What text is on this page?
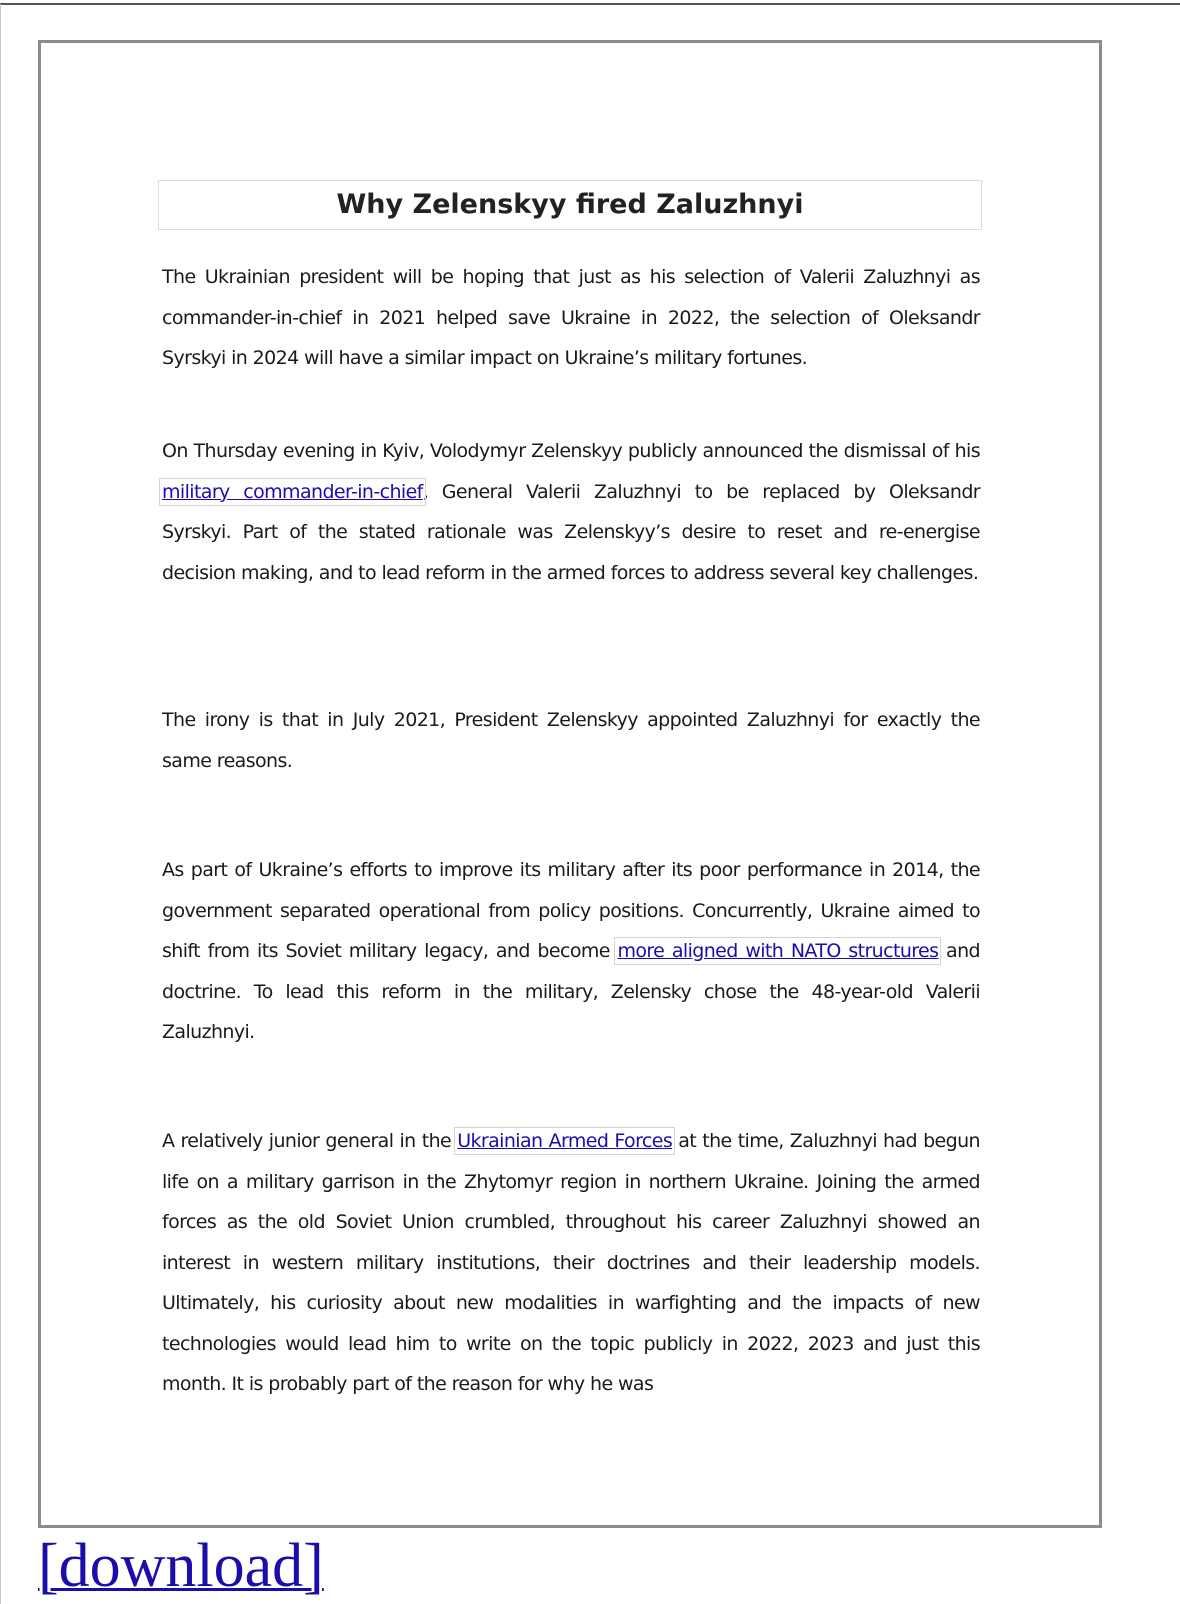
Why Zelenskyy fired Zaluzhnyi

The Ukrainian president will be hoping that just as his selection of Valerii Zaluzhnyi as commander-in-chief in 2021 helped save Ukraine in 2022, the selection of Oleksandr Syrskyi in 2024 will have a similar impact on Ukraine’s military fortunes.

On Thursday evening in Kyiv, Volodymyr Zelenskyy publicly announced the dismissal of his military commander-in-chief, General Valerii Zaluzhnyi to be replaced by Oleksandr Syrskyi. Part of the stated rationale was Zelenskyy’s desire to reset and re-energise decision making, and to lead reform in the armed forces to address several key challenges.

The irony is that in July 2021, President Zelenskyy appointed Zaluzhnyi for exactly the same reasons.

As part of Ukraine’s efforts to improve its military after its poor performance in 2014, the government separated operational from policy positions. Concurrently, Ukraine aimed to shift from its Soviet military legacy, and become more aligned with NATO structures and doctrine. To lead this reform in the military, Zelensky chose the 48-year-old Valerii Zaluzhnyi.

A relatively junior general in the Ukrainian Armed Forces at the time, Zaluzhnyi had begun life on a military garrison in the Zhytomyr region in northern Ukraine. Joining the armed forces as the old Soviet Union crumbled, throughout his career Zaluzhnyi showed an interest in western military institutions, their doctrines and their leadership models. Ultimately, his curiosity about new modalities in warfighting and the impacts of new technologies would lead him to write on the topic publicly in 2022, 2023 and just this month. It is probably part of the reason for why he was

[download]
